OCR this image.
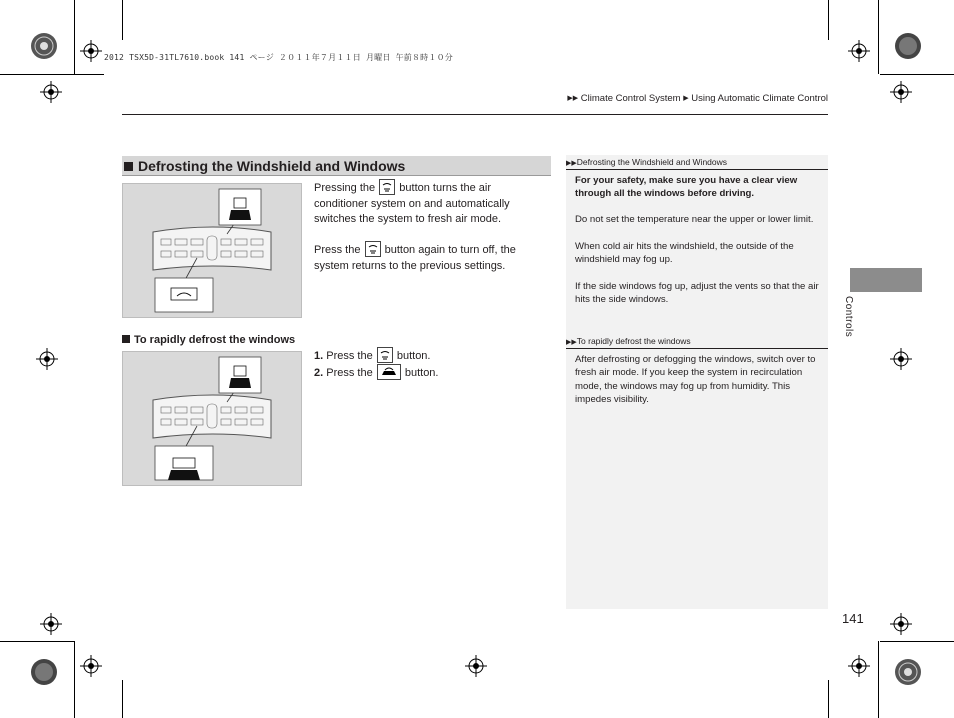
2012 TSX5D-31TL7610.book 141 ページ ２０１１年７月１１日 月曜日 午前８時１０分
▶▶ Climate Control System ▶ Using Automatic Climate Control
Defrosting the Windshield and Windows
Pressing the button turns the air conditioner system on and automatically switches the system to fresh air mode.
Press the button again to turn off, the system returns to the previous settings.
To rapidly defrost the windows
1. Press the button.
2. Press the	button.
▶▶Defrosting the Windshield and Windows
For your safety, make sure you have a clear view through all the windows before driving.
Do not set the temperature near the upper or lower limit.
When cold air hits the windshield, the outside of the windshield may fog up.
If the side windows fog up, adjust the vents so that the air hits the side windows.
▶▶To rapidly defrost the windows
After defrosting or defogging the windows, switch over to fresh air mode. If you keep the system in recirculation mode, the windows may fog up from humidity. This impedes visibility.
Controls
141
